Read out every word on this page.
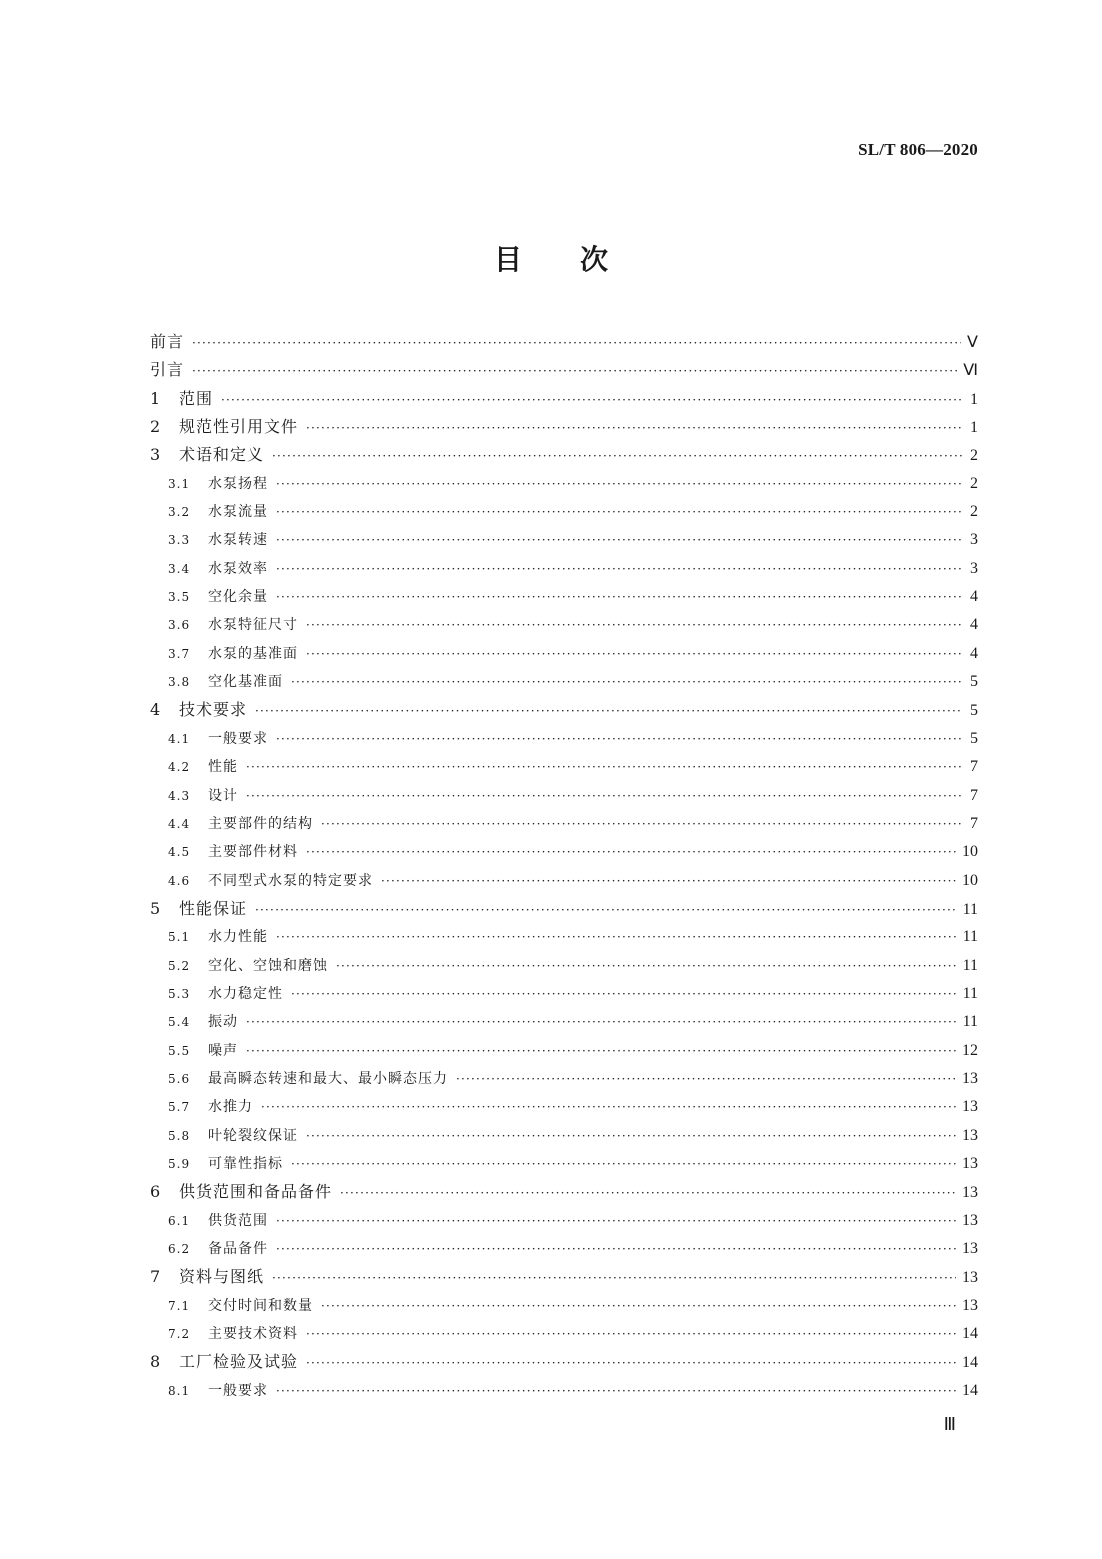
SL/T 806—2020
目 次
前言 ·····	Ⅴ
引言 ·····	Ⅵ
1	范围 ·····	1
2	规范性引用文件 ·····	1
3	术语和定义 ·····	2
3.1	水泵扬程 ·····	2
3.2	水泵流量 ·····	2
3.3	水泵转速 ·····	3
3.4	水泵效率 ·····	3
3.5	空化余量 ·····	4
3.6	水泵特征尺寸 ·····	4
3.7	水泵的基准面 ·····	4
3.8	空化基准面 ·····	5
4	技术要求 ·····	5
4.1	一般要求 ·····	5
4.2	性能 ·····	7
4.3	设计 ·····	7
4.4	主要部件的结构 ·····	7
4.5	主要部件材料 ·····	10
4.6	不同型式水泵的特定要求 ·····	10
5	性能保证 ·····	11
5.1	水力性能 ·····	11
5.2	空化、空蚀和磨蚀 ·····	11
5.3	水力稳定性 ·····	11
5.4	振动 ·····	11
5.5	噪声 ·····	12
5.6	最高瞬态转速和最大、最小瞬态压力 ·····	13
5.7	水推力 ·····	13
5.8	叶轮裂纹保证 ·····	13
5.9	可靠性指标 ·····	13
6	供货范围和备品备件 ·····	13
6.1	供货范围 ·····	13
6.2	备品备件 ·····	13
7	资料与图纸 ·····	13
7.1	交付时间和数量 ·····	13
7.2	主要技术资料 ·····	14
8	工厂检验及试验 ·····	14
8.1	一般要求 ·····	14
Ⅲ
